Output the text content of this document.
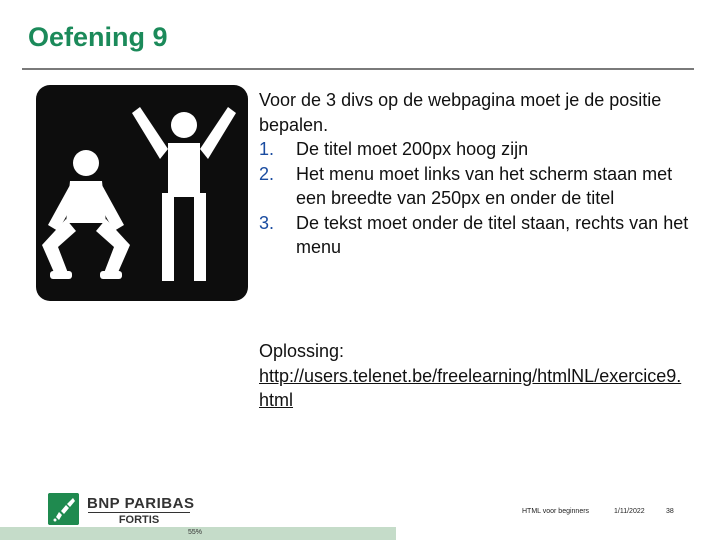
Oefening 9
Voor de 3 divs op de webpagina moet je de positie bepalen.
1. De titel moet 200px hoog zijn
2. Het menu moet links van het scherm staan met een breedte van 250px en onder de titel
3. De tekst moet onder de titel staan, rechts van het menu
Oplossing:
http://users.telenet.be/freelearning/htmlNL/exercice9.html
BNP PARIBAS
FORTIS
HTML voor beginners	1/11/2022	38
55%
